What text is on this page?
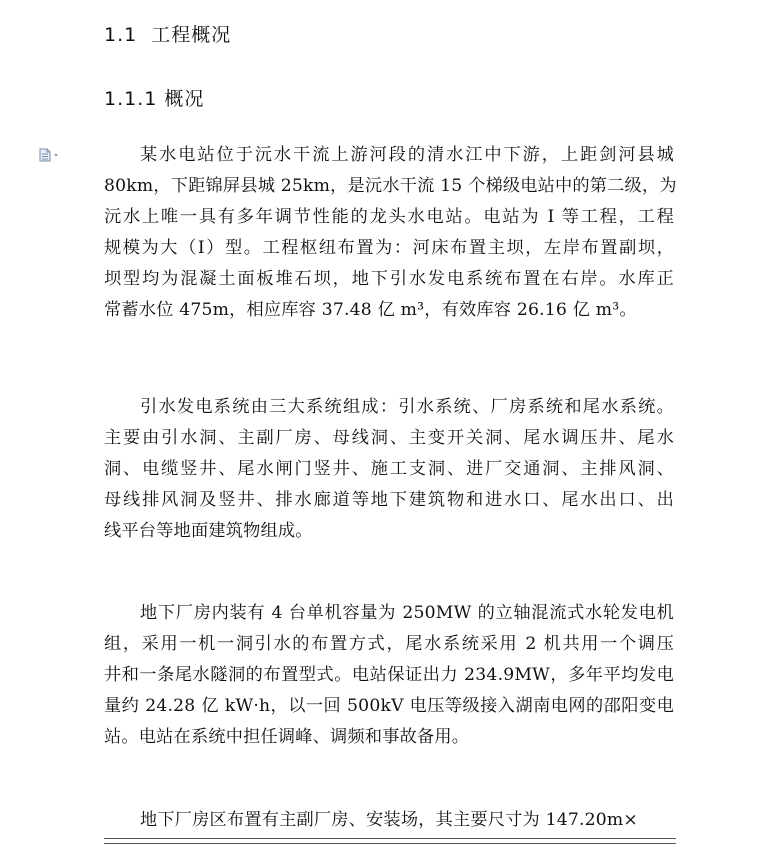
1.1  工程概况
1.1.1 概况

某水电站位于沅水干流上游河段的清水江中下游，上距剑河县城
80km，下距锦屏县城 25km，是沅水干流 15 个梯级电站中的第二级，为
沅水上唯一具有多年调节性能的龙头水电站。电站为 I 等工程，工程
规模为大（I）型。工程枢纽布置为：河床布置主坝，左岸布置副坝，
坝型均为混凝土面板堆石坝，地下引水发电系统布置在右岸。水库正
常蓄水位 475m，相应库容 37.48 亿 m³，有效库容 26.16 亿 m³。

引水发电系统由三大系统组成：引水系统、厂房系统和尾水系统。
主要由引水洞、主副厂房、母线洞、主变开关洞、尾水调压井、尾水
洞、电缆竖井、尾水闸门竖井、施工支洞、进厂交通洞、主排风洞、
母线排风洞及竖井、排水廊道等地下建筑物和进水口、尾水出口、出
线平台等地面建筑物组成。

地下厂房内装有 4 台单机容量为 250MW 的立轴混流式水轮发电机
组，采用一机一洞引水的布置方式，尾水系统采用 2 机共用一个调压
井和一条尾水隧洞的布置型式。电站保证出力 234.9MW，多年平均发电
量约 24.28 亿 kW·h，以一回 500kV 电压等级接入湖南电网的邵阳变电
站。电站在系统中担任调峰、调频和事故备用。

地下厂房区布置有主副厂房、安装场，其主要尺寸为 147.20m×
